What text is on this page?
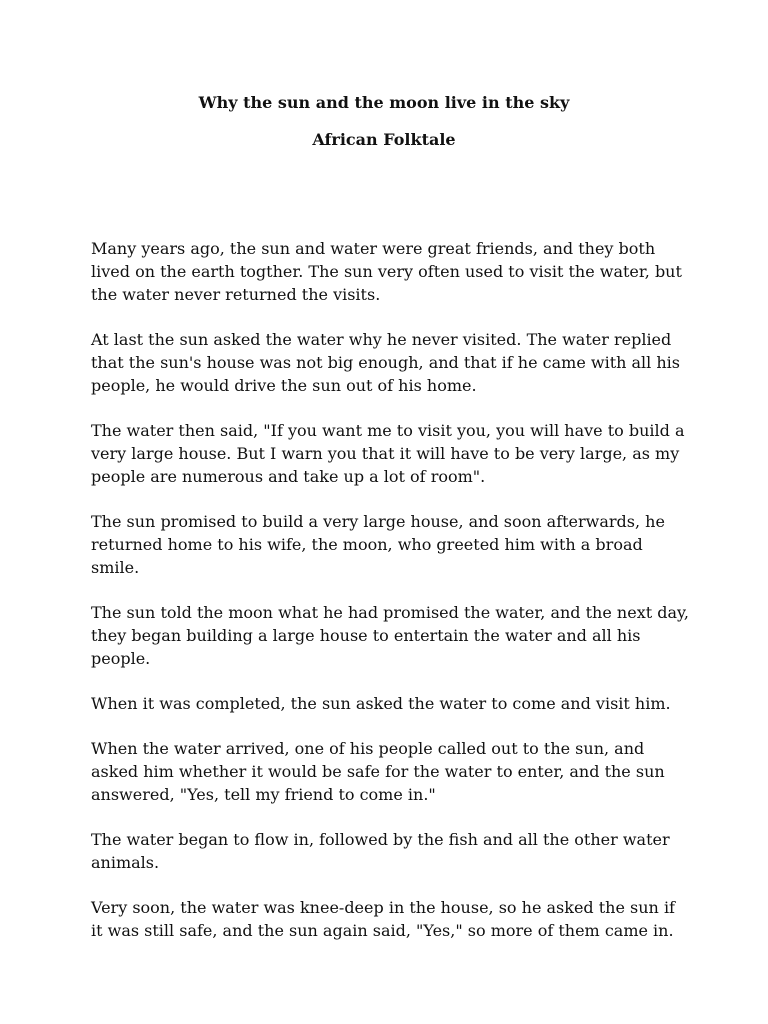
Why the sun and the moon live in the sky
African Folktale

Many years ago, the sun and water were great friends, and they both lived on the earth togther. The sun very often used to visit the water, but the water never returned the visits.

At last the sun asked the water why he never visited. The water replied that the sun's house was not big enough, and that if he came with all his people, he would drive the sun out of his home.

The water then said, "If you want me to visit you, you will have to build a very large house. But I warn you that it will have to be very large, as my people are numerous and take up a lot of room".

The sun promised to build a very large house, and soon afterwards, he returned home to his wife, the moon, who greeted him with a broad smile.

The sun told the moon what he had promised the water, and the next day, they began building a large house to entertain the water and all his people.

When it was completed, the sun asked the water to come and visit him.

When the water arrived, one of his people called out to the sun, and asked him whether it would be safe for the water to enter, and the sun answered, "Yes, tell my friend to come in."

The water began to flow in, followed by the fish and all the other water animals.

Very soon, the water was knee-deep in the house, so he asked the sun if it was still safe, and the sun again said, "Yes," so more of them came in.
